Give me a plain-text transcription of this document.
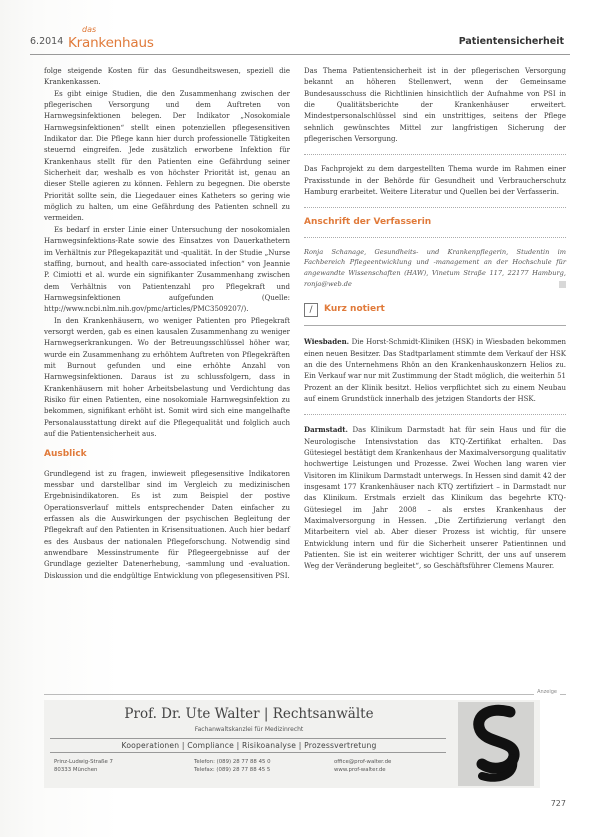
6.2014
das
Krankenhaus	Patientensicherheit

folge steigende Kosten für das Gesundheitswesen, speziell die Krankenkassen.

Es gibt einige Studien, die den Zusammenhang zwischen der pflegerischen Versorgung und dem Auftreten von Harnwegsinfektionen belegen. Der Indikator „Nosokomiale Harnwegsinfektionen“ stellt einen potenziellen pflegesensitiven Indikator dar. Die Pflege kann hier durch professionelle Tätigkeiten steuernd eingreifen. Jede zusätzlich erworbene Infektion für Krankenhaus stellt für den Patienten eine Gefährdung seiner Sicherheit dar, weshalb es von höchster Priorität ist, genau an dieser Stelle agieren zu können. Fehlern zu begegnen. Die oberste Priorität sollte sein, die Liegedauer eines Katheters so gering wie möglich zu halten, um eine Gefährdung des Patienten schnell zu vermeiden.

Es bedarf in erster Linie einer Untersuchung der nosokomialen Harnwegsinfektions-Rate sowie des Einsatzes von Dauerkathetern im Verhältnis zur Pflegekapazität und -qualität. In der Studie „Nurse staffing, burnout, and health care-associated infection“ von Jeannie P. Cimiotti et al. wurde ein signifikanter Zusammenhang zwischen dem Verhältnis von Patientenzahl pro Pflegekraft und Harnwegsinfektionen aufgefunden (Quelle: http://www.ncbi.nlm.nih.gov/pmc/articles/PMC3509207/).

In den Krankenhäusern, wo weniger Patienten pro Pflegekraft versorgt werden, gab es einen kausalen Zusammenhang zu weniger Harnwegserkrankungen. Wo der Betreuungsschlüssel höher war, wurde ein Zusammenhang zu erhöhtem Auftreten von Pflegekräften mit Burnout gefunden und eine erhöhte Anzahl von Harnwegsinfektionen. Daraus ist zu schlussfolgern, dass in Krankenhäusern mit hoher Arbeitsbelastung und Verdichtung das Risiko für einen Patienten, eine nosokomiale Harnwegsinfektion zu bekommen, signifikant erhöht ist. Somit wird sich eine mangelhafte Personalausstattung direkt auf die Pflegequalität und folglich auch auf die Patientensicherheit aus.

Ausblick

Grundlegend ist zu fragen, inwieweit pflegesensitive Indikatoren messbar und darstellbar sind im Vergleich zu medizinischen Ergebnisindikatoren. Es ist zum Beispiel der postive Operationsverlauf mittels entsprechender Daten einfacher zu erfassen als die Auswirkungen der psychischen Begleitung der Pflegekraft auf den Patienten in Krisensituationen. Auch hier bedarf es des Ausbaus der nationalen Pflegeforschung. Notwendig sind anwendbare Messinstrumente für Pflegeergebnisse auf der Grundlage gezielter Datenerhebung, -sammlung und -evaluation. Diskussion und die endgültige Entwicklung von pflegesensitiven PSI.

Das Thema Patientensicherheit ist in der pflegerischen Versorgung bekannt an höheren Stellenwert, wenn der Gemeinsame Bundesausschuss die Richtlinien hinsichtlich der Aufnahme von PSI in die Qualitätsberichte der Krankenhäuser erweitert. Mindestpersonalschlüssel sind ein unstrittiges, seitens der Pflege sehnlich gewünschtes Mittel zur langfristigen Sicherung der pflegerischen Versorgung.

Das Fachprojekt zu dem dargestellten Thema wurde im Rahmen einer Praxisstunde in der Behörde für Gesundheit und Verbraucherschutz Hamburg erarbeitet. Weitere Literatur und Quellen bei der Verfasserin.

Anschrift der Verfasserin

Ronja Schanage, Gesundheits- und Krankenpflegerin, Studentin im Fachbereich Pflegeentwicklung und -management an der Hochschule für angewandte Wissenschaften (HAW), Vinetum Straße 117, 22177 Hamburg, ronja@web.de

/	Kurz notiert

Wiesbaden. Die Horst-Schmidt-Kliniken (HSK) in Wiesbaden bekommen einen neuen Besitzer. Das Stadtparlament stimmte dem Verkauf der HSK an die des Unternehmens Rhön an den Krankenhauskonzern Helios zu. Ein Verkauf war nur mit Zustimmung der Stadt möglich, die weiterhin 51 Prozent an der Klinik besitzt. Helios verpflichtet sich zu einem Neubau auf einem Grundstück innerhalb des jetzigen Standorts der HSK.

Darmstadt. Das Klinikum Darmstadt hat für sein Haus und für die Neurologische Intensivstation das KTQ-Zertifikat erhalten. Das Gütesiegel bestätigt dem Krankenhaus der Maximalversorgung qualitativ hochwertige Leistungen und Prozesse. Zwei Wochen lang waren vier Visitoren im Klinikum Darmstadt unterwegs. In Hessen sind damit 42 der insgesamt 177 Krankenhäuser nach KTQ zertifiziert – in Darmstadt nur das Klinikum. Erstmals erzielt das Klinikum das begehrte KTQ-Gütesiegel im Jahr 2008 – als erstes Krankenhaus der Maximalversorgung in Hessen. „Die Zertifizierung verlangt den Mitarbeitern viel ab. Aber dieser Prozess ist wichtig, für unsere Entwicklung intern und für die Sicherheit unserer Patientinnen und Patienten. Sie ist ein weiterer wichtiger Schritt, der uns auf unserem Weg der Veränderung begleitet“, so Geschäftsführer Clemens Maurer.

Anzeige
Prof. Dr. Ute Walter | Rechtsanwälte
Fachanwaltskanzlei für Medizinrecht
Kooperationen | Compliance | Risikoanalyse | Prozessvertretung
Prinz-Ludwig-Straße 7
80333 München
Telefon: (089) 28 77 88 45 0
Telefax: (089) 28 77 88 45 5
office@prof-walter.de
www.prof-walter.de
727
